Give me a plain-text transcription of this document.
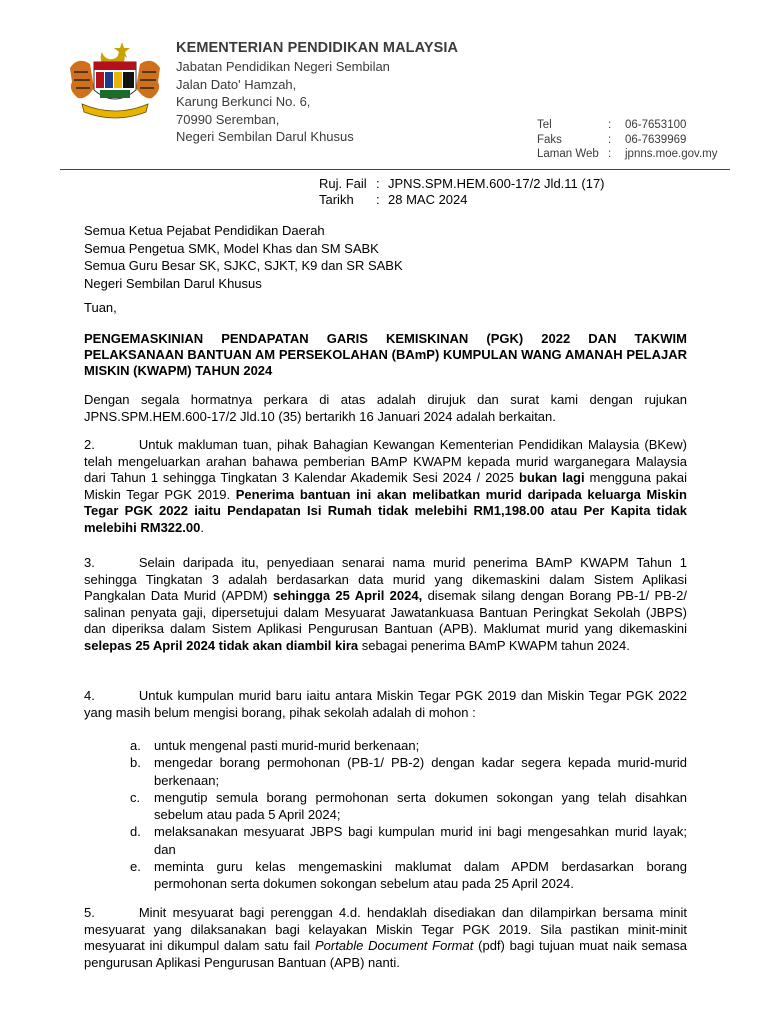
KEMENTERIAN PENDIDIKAN MALAYSIA
Jabatan Pendidikan Negeri Sembilan
Jalan Dato' Hamzah,
Karung Berkunci No. 6,
70990 Seremban,
Negeri Sembilan Darul Khusus
Tel	:	06-7653100
Faks	:	06-7639969
Laman Web :	jpnns.moe.gov.my
Ruj. Fail : JPNS.SPM.HEM.600-17/2 Jld.11 (17)
Tarikh	: 28 MAC 2024
Semua Ketua Pejabat Pendidikan Daerah
Semua Pengetua SMK, Model Khas dan SM SABK
Semua Guru Besar SK, SJKC, SJKT, K9 dan SR SABK
Negeri Sembilan Darul Khusus
Tuan,
PENGEMASKINIAN PENDAPATAN GARIS KEMISKINAN (PGK) 2022 DAN TAKWIM PELAKSANAAN BANTUAN AM PERSEKOLAHAN (BAmP) KUMPULAN WANG AMANAH PELAJAR MISKIN (KWAPM) TAHUN 2024
Dengan segala hormatnya perkara di atas adalah dirujuk dan surat kami dengan rujukan JPNS.SPM.HEM.600-17/2 Jld.10 (35) bertarikh 16 Januari 2024 adalah berkaitan.
2.	Untuk makluman tuan, pihak Bahagian Kewangan Kementerian Pendidikan Malaysia (BKew) telah mengeluarkan arahan bahawa pemberian BAmP KWAPM kepada murid warganegara Malaysia dari Tahun 1 sehingga Tingkatan 3 Kalendar Akademik Sesi 2024 / 2025 bukan lagi mengguna pakai Miskin Tegar PGK 2019. Penerima bantuan ini akan melibatkan murid daripada keluarga Miskin Tegar PGK 2022 iaitu Pendapatan Isi Rumah tidak melebihi RM1,198.00 atau Per Kapita tidak melebihi RM322.00.
3.	Selain daripada itu, penyediaan senarai nama murid penerima BAmP KWAPM Tahun 1 sehingga Tingkatan 3 adalah berdasarkan data murid yang dikemaskini dalam Sistem Aplikasi Pangkalan Data Murid (APDM) sehingga 25 April 2024, disemak silang dengan Borang PB-1/ PB-2/ salinan penyata gaji, dipersetujui dalam Mesyuarat Jawatankuasa Bantuan Peringkat Sekolah (JBPS) dan diperiksa dalam Sistem Aplikasi Pengurusan Bantuan (APB). Maklumat murid yang dikemaskini selepas 25 April 2024 tidak akan diambil kira sebagai penerima BAmP KWAPM tahun 2024.
4.	Untuk kumpulan murid baru iaitu antara Miskin Tegar PGK 2019 dan Miskin Tegar PGK 2022 yang masih belum mengisi borang, pihak sekolah adalah di mohon :
a.	untuk mengenal pasti murid-murid berkenaan;
b.	mengedar borang permohonan (PB-1/ PB-2) dengan kadar segera kepada murid-murid berkenaan;
c.	mengutip semula borang permohonan serta dokumen sokongan yang telah disahkan sebelum atau pada 5 April 2024;
d.	melaksanakan mesyuarat JBPS bagi kumpulan murid ini bagi mengesahkan murid layak; dan
e.	meminta guru kelas mengemaskini maklumat dalam APDM berdasarkan borang permohonan serta dokumen sokongan sebelum atau pada 25 April 2024.
5.	Minit mesyuarat bagi perenggan 4.d. hendaklah disediakan dan dilampirkan bersama minit mesyuarat yang dilaksanakan bagi kelayakan Miskin Tegar PGK 2019. Sila pastikan minit-minit mesyuarat ini dikumpul dalam satu fail Portable Document Format (pdf) bagi tujuan muat naik semasa pengurusan Aplikasi Pengurusan Bantuan (APB) nanti.
